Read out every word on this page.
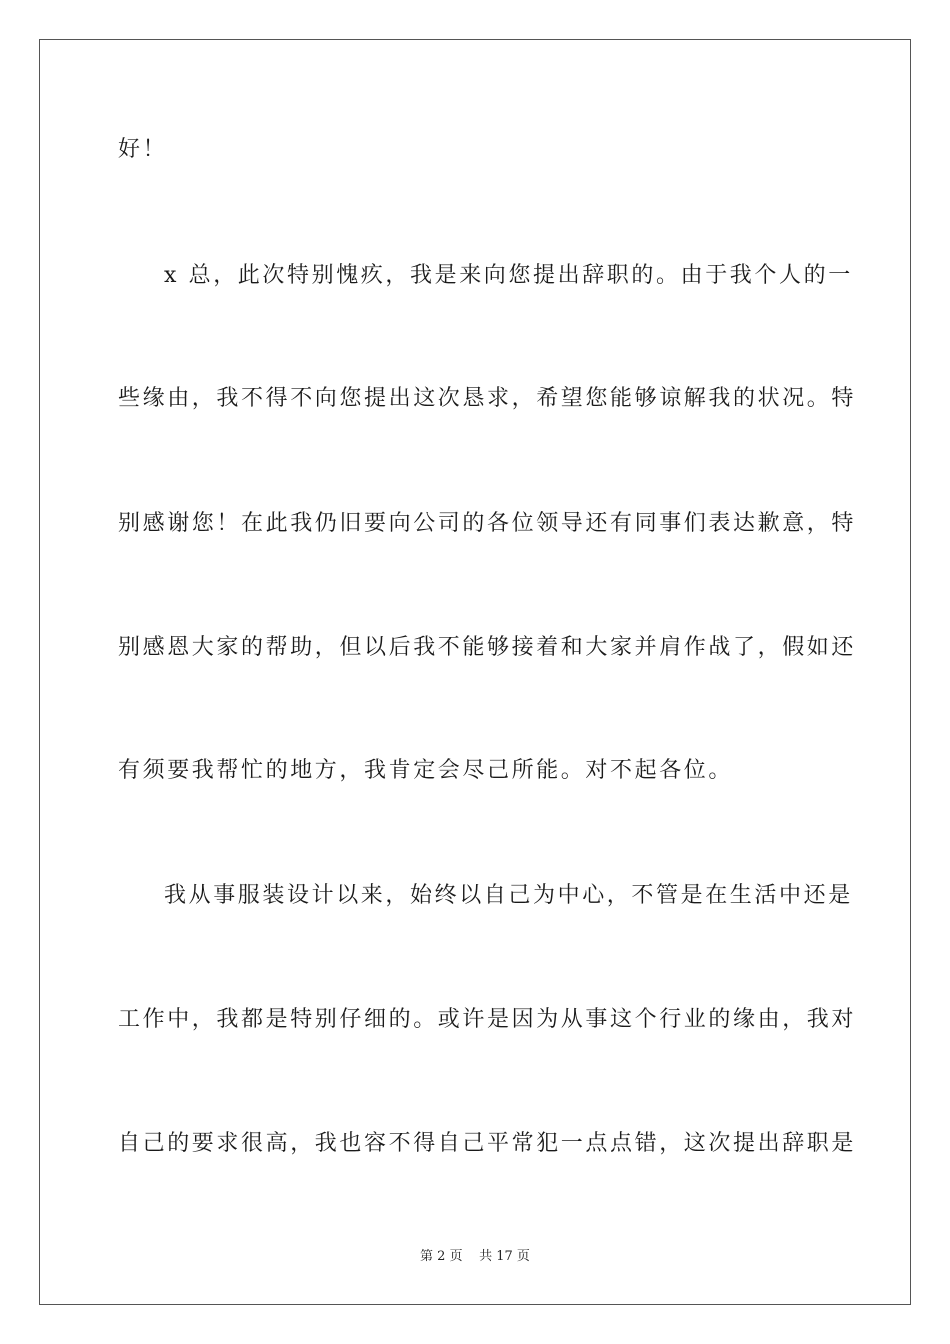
好！
x 总，此次特别愧疚，我是来向您提出辞职的。由于我个人的一
些缘由，我不得不向您提出这次恳求，希望您能够谅解我的状况。特
别感谢您！在此我仍旧要向公司的各位领导还有同事们表达歉意，特
别感恩大家的帮助，但以后我不能够接着和大家并肩作战了，假如还
有须要我帮忙的地方，我肯定会尽己所能。对不起各位。
我从事服装设计以来，始终以自己为中心，不管是在生活中还是
工作中，我都是特别仔细的。或许是因为从事这个行业的缘由，我对
自己的要求很高，我也容不得自己平常犯一点点错，这次提出辞职是
第 2 页 共 17 页
